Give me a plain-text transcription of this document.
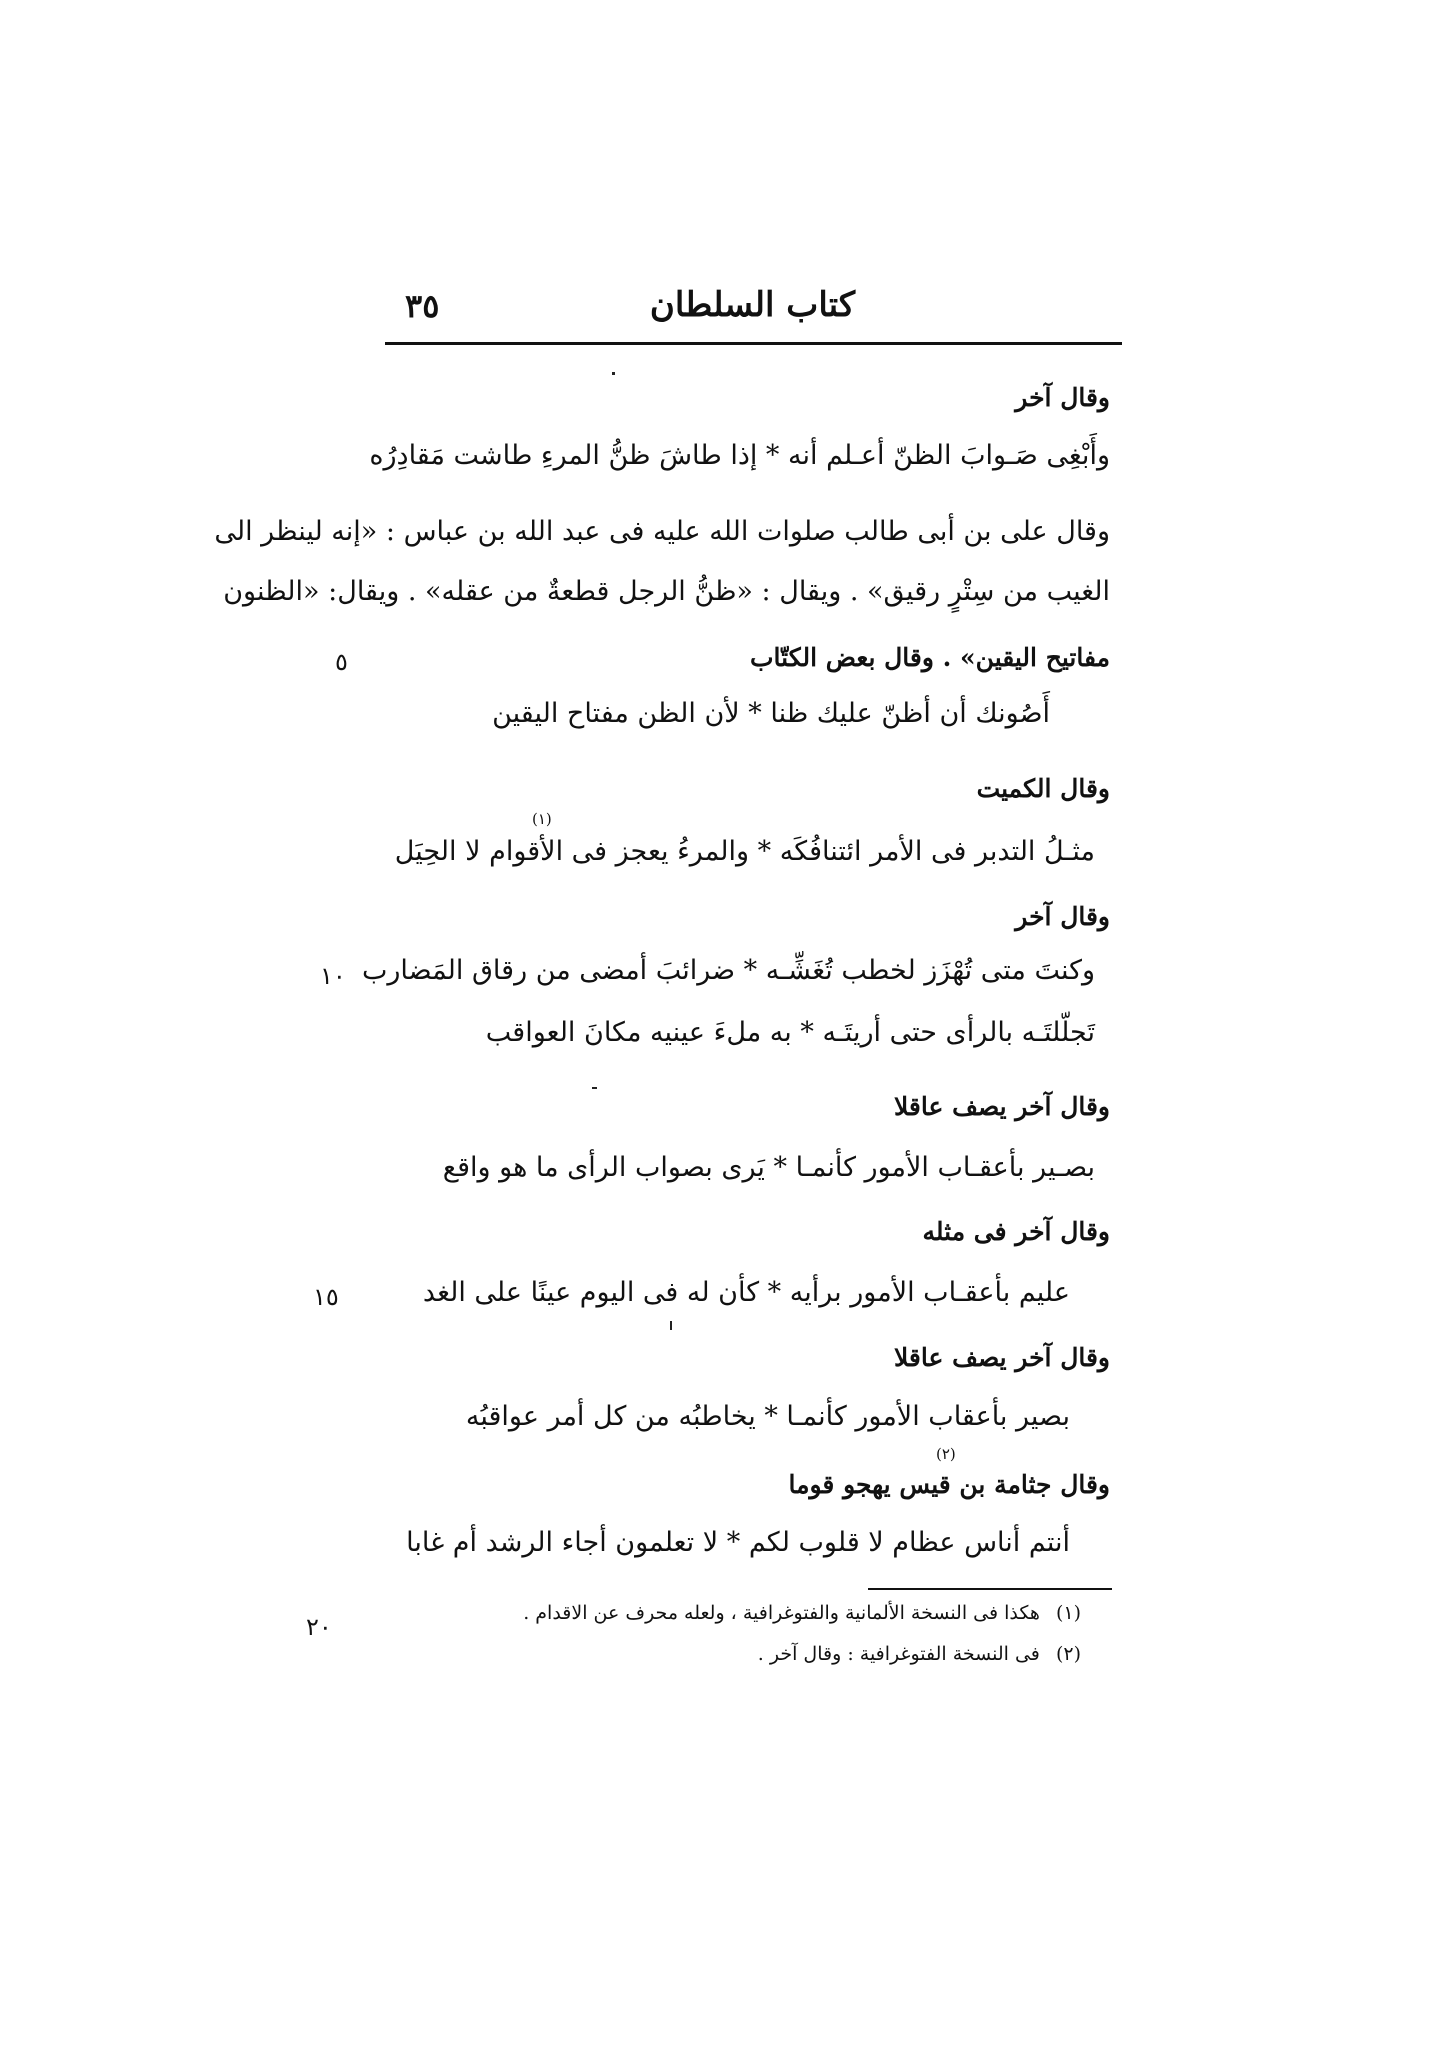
٣٥	كتاب السلطان
وقال آخر
وأَبْغِى صَـوابَ الظنّ أعـلم أنه * إذا طاشَ ظنُّ المرءِ طاشت مَقادِرُه
وقال على بن أبى طالب صلوات الله عليه فى عبد الله بن عباس : «إنه لينظر الى
الغيب من سِتْرٍ رقيق» . ويقال : «ظنُّ الرجل قطعةٌ من عقله» . ويقال: «الظنون
مفاتيح اليقين» . وقال بعض الكتّاب
أَصُونك أن أظنّ عليك ظنا * لأن الظن مفتاح اليقين
وقال الكميت
مثـلُ التدبر فى الأمر ائتنافُكَه * والمرءُ يعجز فى الأقوام لا الحِيَل
وقال آخر
وكنتَ متى تُهْزَز لخطب تُغَشِّـه * ضرائبَ أمضى من رقاق المَضارب
تَجلّلتَـه بالرأى حتى أريتَـه * به ملءَ عينيه مكانَ العواقب
وقال آخر يصف عاقلا
بصـير بأعقـاب الأمور كأنمـا * يَرى بصواب الرأى ما هو واقع
وقال آخر فى مثله
عليم بأعقـاب الأمور برأيه * كأن له فى اليوم عينًا على الغد
وقال آخر يصف عاقلا
بصير بأعقاب الأمور كأنمـا * يخاطبُه من كل أمر عواقبُه
وقال جثامة بن قيس يهجو قوما
أنتم أناس عظام لا قلوب لكم * لا تعلمون أجاء الرشد أم غابا
(١)
(٢)
٥
١٠
١٥
٢٠	(١) هكذا فى النسخة الألمانية والفتوغرافية ، ولعله محرف عن الاقدام .
(٢) فى النسخة الفتوغرافية : وقال آخر .
